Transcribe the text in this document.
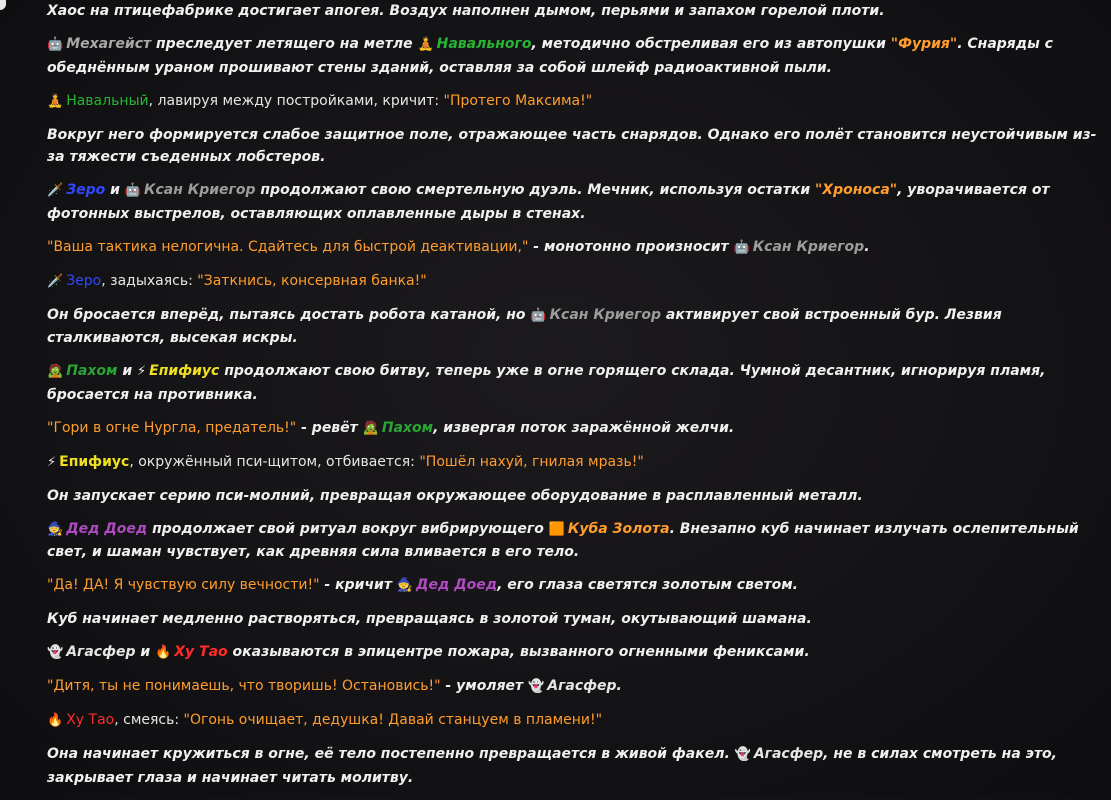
Хаос на птицефабрике достигает апогея. Воздух наполнен дымом, перьями и запахом горелой плоти.
🤖 Мехагейст преследует летящего на метле 🧘 Навального, методично обстреливая его из автопушки "Фурия". Снаряды с обеднённым ураном прошивают стены зданий, оставляя за собой шлейф радиоактивной пыли.
🧘 Навальный, лавируя между постройками, кричит: "Протего Максима!"
Вокруг него формируется слабое защитное поле, отражающее часть снарядов. Однако его полёт становится неустойчивым из-за тяжести съеденных лобстеров.
🗡️ Зеро и 🤖 Ксан Криегор продолжают свою смертельную дуэль. Мечник, используя остатки "Хроноса", уворачивается от фотонных выстрелов, оставляющих оплавленные дыры в стенах.
"Ваша тактика нелогична. Сдайтесь для быстрой деактивации," - монотонно произносит 🤖 Ксан Криегор.
🗡️ Зеро, задыхаясь: "Заткнись, консервная банка!"
Он бросается вперёд, пытаясь достать робота катаной, но 🤖 Ксан Криегор активирует свой встроенный бур. Лезвия сталкиваются, высекая искры.
🧟 Пахом и ⚡ Епифиус продолжают свою битву, теперь уже в огне горящего склада. Чумной десантник, игнорируя пламя, бросается на противника.
"Гори в огне Нургла, предатель!" - ревёт 🧟 Пахом, извергая поток заражённой желчи.
⚡ Епифиус, окружённый пси-щитом, отбивается: "Пошёл нахуй, гнилая мразь!"
Он запускает серию пси-молний, превращая окружающее оборудование в расплавленный металл.
🧙 Дед Доед продолжает свой ритуал вокруг вибрирующего 🟧 Куба Золота. Внезапно куб начинает излучать ослепительный свет, и шаман чувствует, как древняя сила вливается в его тело.
"Да! ДА! Я чувствую силу вечности!" - кричит 🧙 Дед Доед, его глаза светятся золотым светом.
Куб начинает медленно растворяться, превращаясь в золотой туман, окутывающий шамана.
👻 Агасфер и 🔥 Ху Тао оказываются в эпицентре пожара, вызванного огненными фениксами.
"Дитя, ты не понимаешь, что творишь! Остановись!" - умоляет 👻 Агасфер.
🔥 Ху Тао, смеясь: "Огонь очищает, дедушка! Давай станцуем в пламени!"
Она начинает кружиться в огне, её тело постепенно превращается в живой факел. 👻 Агасфер, не в силах смотреть на это, закрывает глаза и начинает читать молитву.
